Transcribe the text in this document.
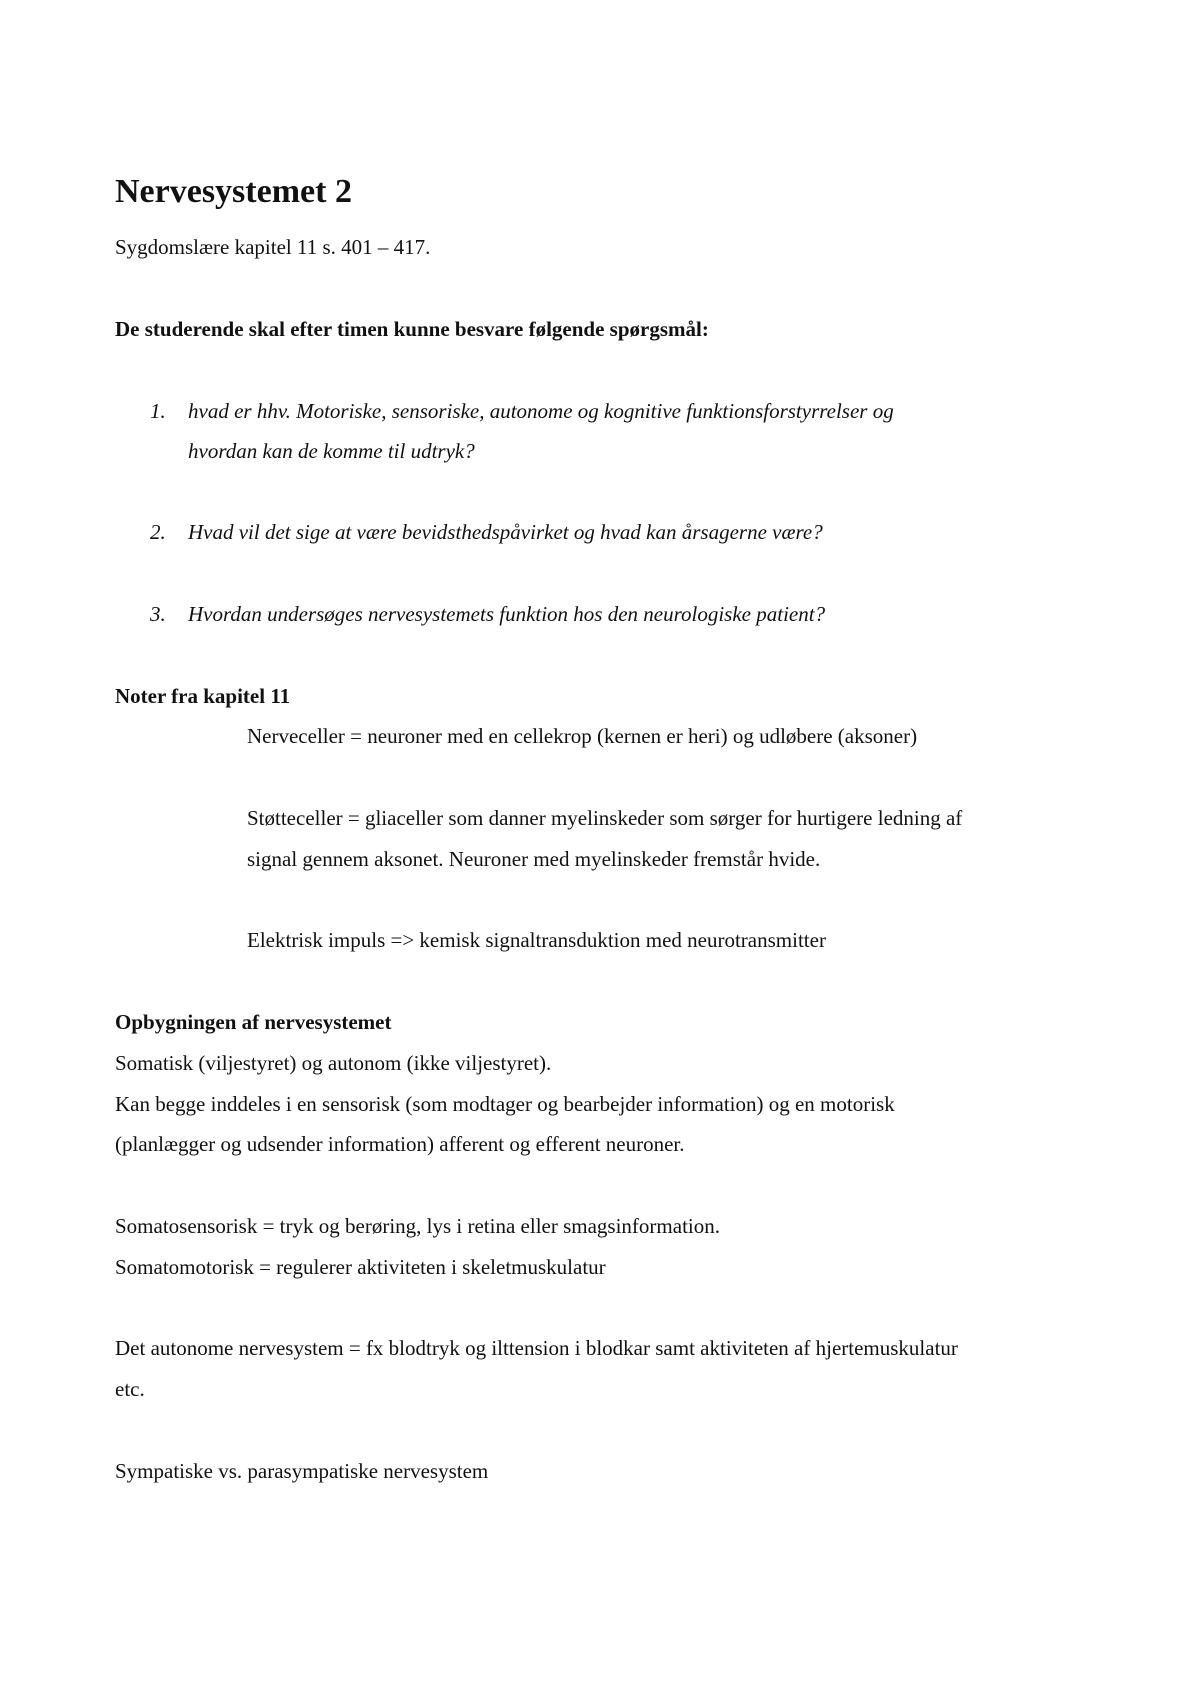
Nervesystemet 2
Sygdomslære kapitel 11 s. 401 – 417.
De studerende skal efter timen kunne besvare følgende spørgsmål:
1. hvad er hhv. Motoriske, sensoriske, autonome og kognitive funktionsforstyrrelser og
hvordan kan de komme til udtryk?
2. Hvad vil det sige at være bevidsthedspåvirket og hvad kan årsagerne være?
3. Hvordan undersøges nervesystemets funktion hos den neurologiske patient?
Noter fra kapitel 11
Nerveceller = neuroner med en cellekrop (kernen er heri) og udløbere (aksoner)
Støtteceller = gliaceller som danner myelinskeder som sørger for hurtigere ledning af
signal gennem aksonet. Neuroner med myelinskeder fremstår hvide.
Elektrisk impuls => kemisk signaltransduktion med neurotransmitter
Opbygningen af nervesystemet
Somatisk (viljestyret) og autonom (ikke viljestyret).
Kan begge inddeles i en sensorisk (som modtager og bearbejder information) og en motorisk
(planlægger og udsender information) afferent og efferent neuroner.
Somatosensorisk = tryk og berøring, lys i retina eller smagsinformation.
Somatomotorisk = regulerer aktiviteten i skeletmuskulatur
Det autonome nervesystem = fx blodtryk og ilttension i blodkar samt aktiviteten af hjertemuskulatur
etc.
Sympatiske vs. parasympatiske nervesystem
